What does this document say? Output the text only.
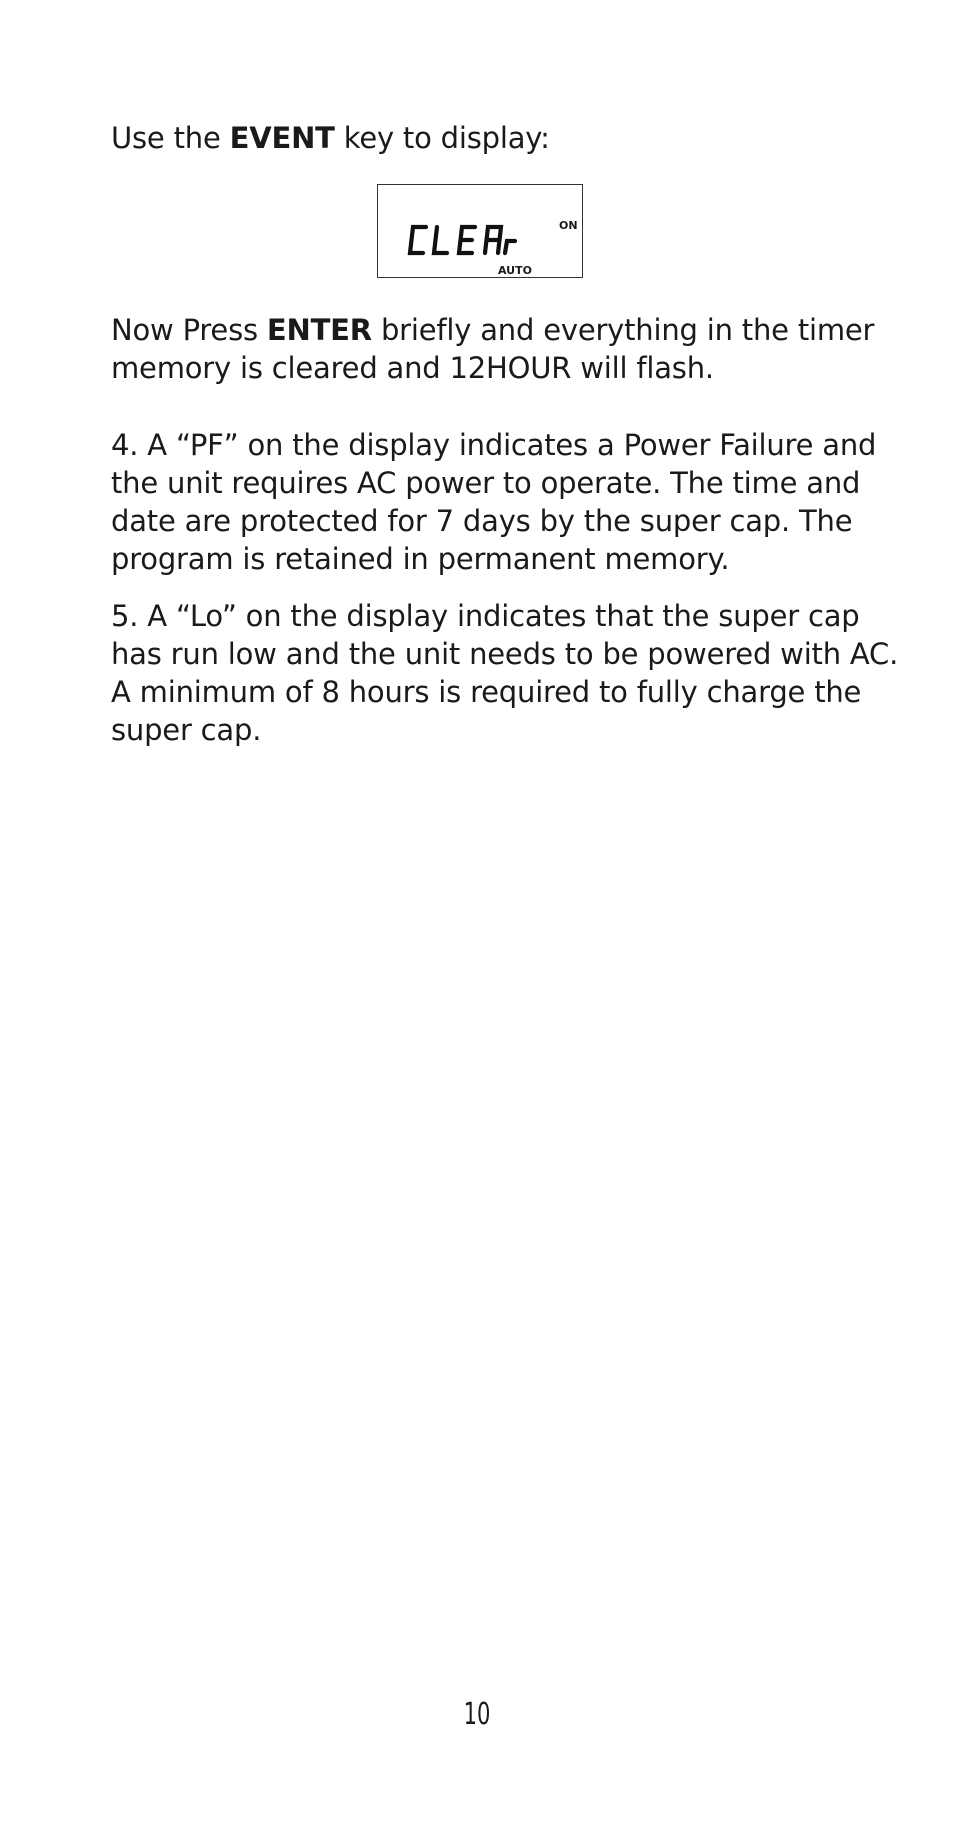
Use the EVENT key to display:

ON
AUTO

Now Press ENTER briefly and everything in the timer memory is cleared and 12HOUR will flash.

4. A “PF” on the display indicates a Power Failure and the unit requires AC power to operate. The time and date are protected for 7 days by the super cap. The program is retained in permanent memory.

5. A “Lo” on the display indicates that the super cap has run low and the unit needs to be powered with AC. A minimum of 8 hours is required to fully charge the super cap.

10
